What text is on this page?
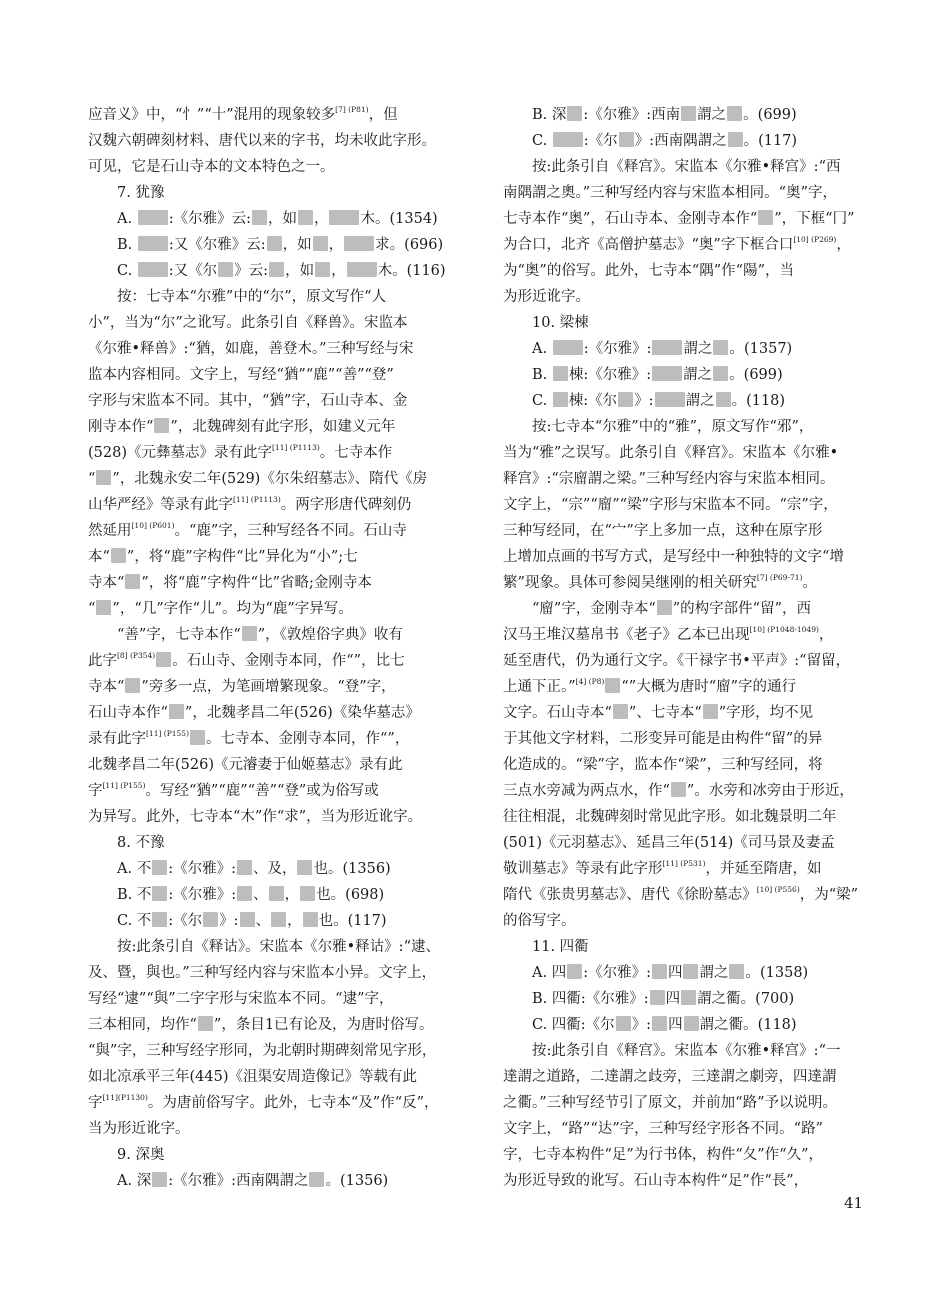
应音义》中，“忄”“十”混用的现象较多$^{[7] (P81)}$，但
汉魏六朝碑刻材料、唐代以来的字书，均未收此字形。
可见，它是石山寺本的文本特色之一。
7. 犹豫
A. :《尔雅》云: ，如 ， 木。(1354)
B. :又《尔雅》云: ，如 ， 求。(696)
C. :又《尔 》云: ，如 ， 木。(116)
按：七寺本“尔雅”中的“尔”，原文写作“人
小”，当为“尔”之讹写。此条引自《释兽》。宋监本
《尔雅•释兽》:“猶，如鹿，善登木。”三种写经与宋
监本内容相同。文字上，写经“猶”“鹿”“善”“登”
字形与宋监本不同。其中，“猶”字，石山寺本、金
刚寺本作“ ”，北魏碑刻有此字形，如建义元年
(528)《元彝墓志》录有此字$^{[11] (P1113)}$。七寺本作
“ ”，北魏永安二年(529)《尔朱绍墓志》、隋代《房
山华严经》等录有此字$^{[11] (P1113)}$。两字形唐代碑刻仍
然延用$^{[10] (P601)}$。“鹿”字，三种写经各不同。石山寺
本“ ”，将“鹿”字构件“比”异化为“小”;七
寺本“ ”，将“鹿”字构件“比”省略;金刚寺本
“ ”，“几”字作“儿”。均为“鹿”字异写。
“善”字，七寺本作“ ”，《敦煌俗字典》收有
此字$^{[8] (P354)}$ 。石山寺、金刚寺本同，作“”，比七
寺本“ ”旁多一点，为笔画增繁现象。“登”字，
石山寺本作“ ”，北魏孝昌二年(526)《染华墓志》
录有此字$^{[11] (P155)}$ 。七寺本、金刚寺本同，作“”，
北魏孝昌二年(526)《元濬妻于仙姬墓志》录有此
字$^{[11] (P155)}$。写经“猶”“鹿”“善”“登”或为俗写或
为异写。此外，七寺本“木”作“求”，当为形近讹字。
8. 不豫
A. 不 :《尔雅》: 、及， 也。(1356)
B. 不 :《尔雅》: 、 ， 也。(698)
C. 不 :《尔 》: 、 ， 也。(117)
按:此条引自《释诂》。宋监本《尔雅•释诂》:“逮、
及、暨，與也。”三种写经内容与宋监本小异。文字上，
写经“逮”“與”二字字形与宋监本不同。“逮”字，
三本相同，均作“ ”，条目1已有论及，为唐时俗写。
“與”字，三种写经字形同，为北朝时期碑刻常见字形，
如北凉承平三年(445)《沮渠安周造像记》等载有此
字$^{[11](P1130)}$。为唐前俗写字。此外，七寺本“及”作“反”，
当为形近讹字。
9. 深奥
A. 深 :《尔雅》:西南隅謂之 。(1356)
B. 深 :《尔雅》:西南 謂之 。(699)
C. :《尔 》:西南隅謂之 。(117)
按:此条引自《释宫》。宋监本《尔雅•释宫》:“西
南隅謂之奧。”三种写经内容与宋监本相同。“奥”字，
七寺本作“奥”，石山寺本、金刚寺本作“ ”，下框“冂”
为合口，北齐《高僧护墓志》“奥”字下框合口$^{[10] (P269)}$，
为“奥”的俗写。此外，七寺本“隅”作“陽”，当
为形近讹字。
10. 梁棟
A. :《尔雅》: 謂之 。(1357)
B. 棟:《尔雅》: 謂之 。(699)
C. 棟:《尔 》: 謂之 。(118)
按:七寺本“尔雅”中的“雅”，原文写作“邪”，
当为“雅”之误写。此条引自《释宫》。宋监本《尔雅•
释宫》:“宗廇謂之梁。”三种写经内容与宋监本相同。
文字上，“宗”“廇”“梁”字形与宋监本不同。“宗”字，
三种写经同，在“宀”字上多加一点，这种在原字形
上增加点画的书写方式，是写经中一种独特的文字“增
繁”现象。具体可参阅吴继刚的相关研究$^{[7] (P69-71)}$。
“廇”字，金刚寺本“ ”的构字部件“留”，西
汉马王堆汉墓帛书《老子》乙本已出现$^{[10] (P1048-1049)}$，
延至唐代，仍为通行文字。《干禄字书•平声》:“留留，
上通下正。”$^{[4] (P8)}$ “”大概为唐时“廇”字的通行
文字。石山寺本“ ”、七寺本“ ”字形，均不见
于其他文字材料，二形变异可能是由构件“留”的异
化造成的。“梁”字，监本作“梁”，三种写经同，将
三点水旁减为两点水，作“ ”。水旁和冰旁由于形近，
往往相混，北魏碑刻时常见此字形。如北魏景明二年
(501)《元羽墓志》、延昌三年(514)《司马景及妻孟
敬训墓志》等录有此字形$^{[11] (P531)}$，并延至隋唐，如
隋代《张贵男墓志》、唐代《徐盼墓志》$^{[10] (P556)}$，为“梁”
的俗写字。
11. 四衢
A. 四 :《尔雅》: 四 謂之 。(1358)
B. 四衢:《尔雅》: 四 謂之衢。(700)
C. 四衢:《尔 》: 四 謂之衢。(118)
按:此条引自《释宫》。宋监本《尔雅•释宫》:“一
達謂之道路，二達謂之歧旁，三達謂之劇旁，四達謂
之衢。”三种写经节引了原文，并前加“路”予以说明。
文字上，“路”“达”字，三种写经字形各不同。“路”
字，七寺本构件“足”为行书体，构件“夂”作“久”，
为形近导致的讹写。石山寺本构件“足”作“長”，
41
